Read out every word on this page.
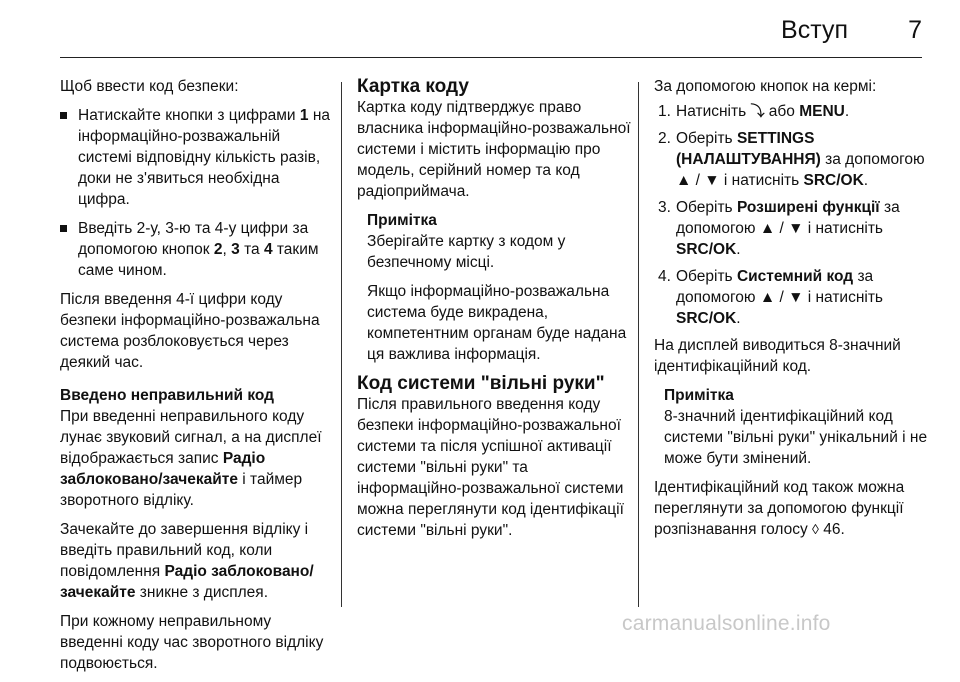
Вступ 7

Щоб ввести код безпеки:

Натискайте кнопки з цифрами 1 на інформаційно-розважальній системі відповідну кількість разів, доки не з'явиться необхідна цифра.
Введіть 2-у, 3-ю та 4-у цифри за допомогою кнопок 2, 3 та 4 таким саме чином.

Після введення 4-ї цифри коду безпеки інформаційно-розважальна система розблоковується через деякий час.

Введено неправильний код

При введенні неправильного коду лунає звуковий сигнал, а на дисплеї відображається запис Радіо заблоковано/зачекайте і таймер зворотного відліку.

Зачекайте до завершення відліку і введіть правильний код, коли повідомлення Радіо заблоковано/зачекайте зникне з дисплея.

При кожному неправильному введенні коду час зворотного відліку подвоюється.

Картка коду

Картка коду підтверджує право власника інформаційно-розважальної системи і містить інформацію про модель, серійний номер та код радіоприймача.

Примітка

Зберігайте картку з кодом у безпечному місці.

Якщо інформаційно-розважальна система буде викрадена, компетентним органам буде надана ця важлива інформація.

Код системи "вільні руки"

Після правильного введення коду безпеки інформаційно-розважальної системи та після успішної активації системи "вільні руки" та інформаційно-розважальної системи можна переглянути код ідентифікації системи "вільні руки".

За допомогою кнопок на кермі:

1. Натисніть ⤵ або MENU.
2. Оберіть SETTINGS (НАЛАШТУВАННЯ) за допомогою ▲ / ▼ і натисніть SRC/OK.
3. Оберіть Розширені функції за допомогою ▲ / ▼ і натисніть SRC/OK.
4. Оберіть Системний код за допомогою ▲ / ▼ і натисніть SRC/OK.

На дисплей виводиться 8-значний ідентифікаційний код.

Примітка

8-значний ідентифікаційний код системи "вільні руки" унікальний і не може бути змінений.

Ідентифікаційний код також можна переглянути за допомогою функції розпізнавання голосу ◊ 46.

carmanualsonline.info
